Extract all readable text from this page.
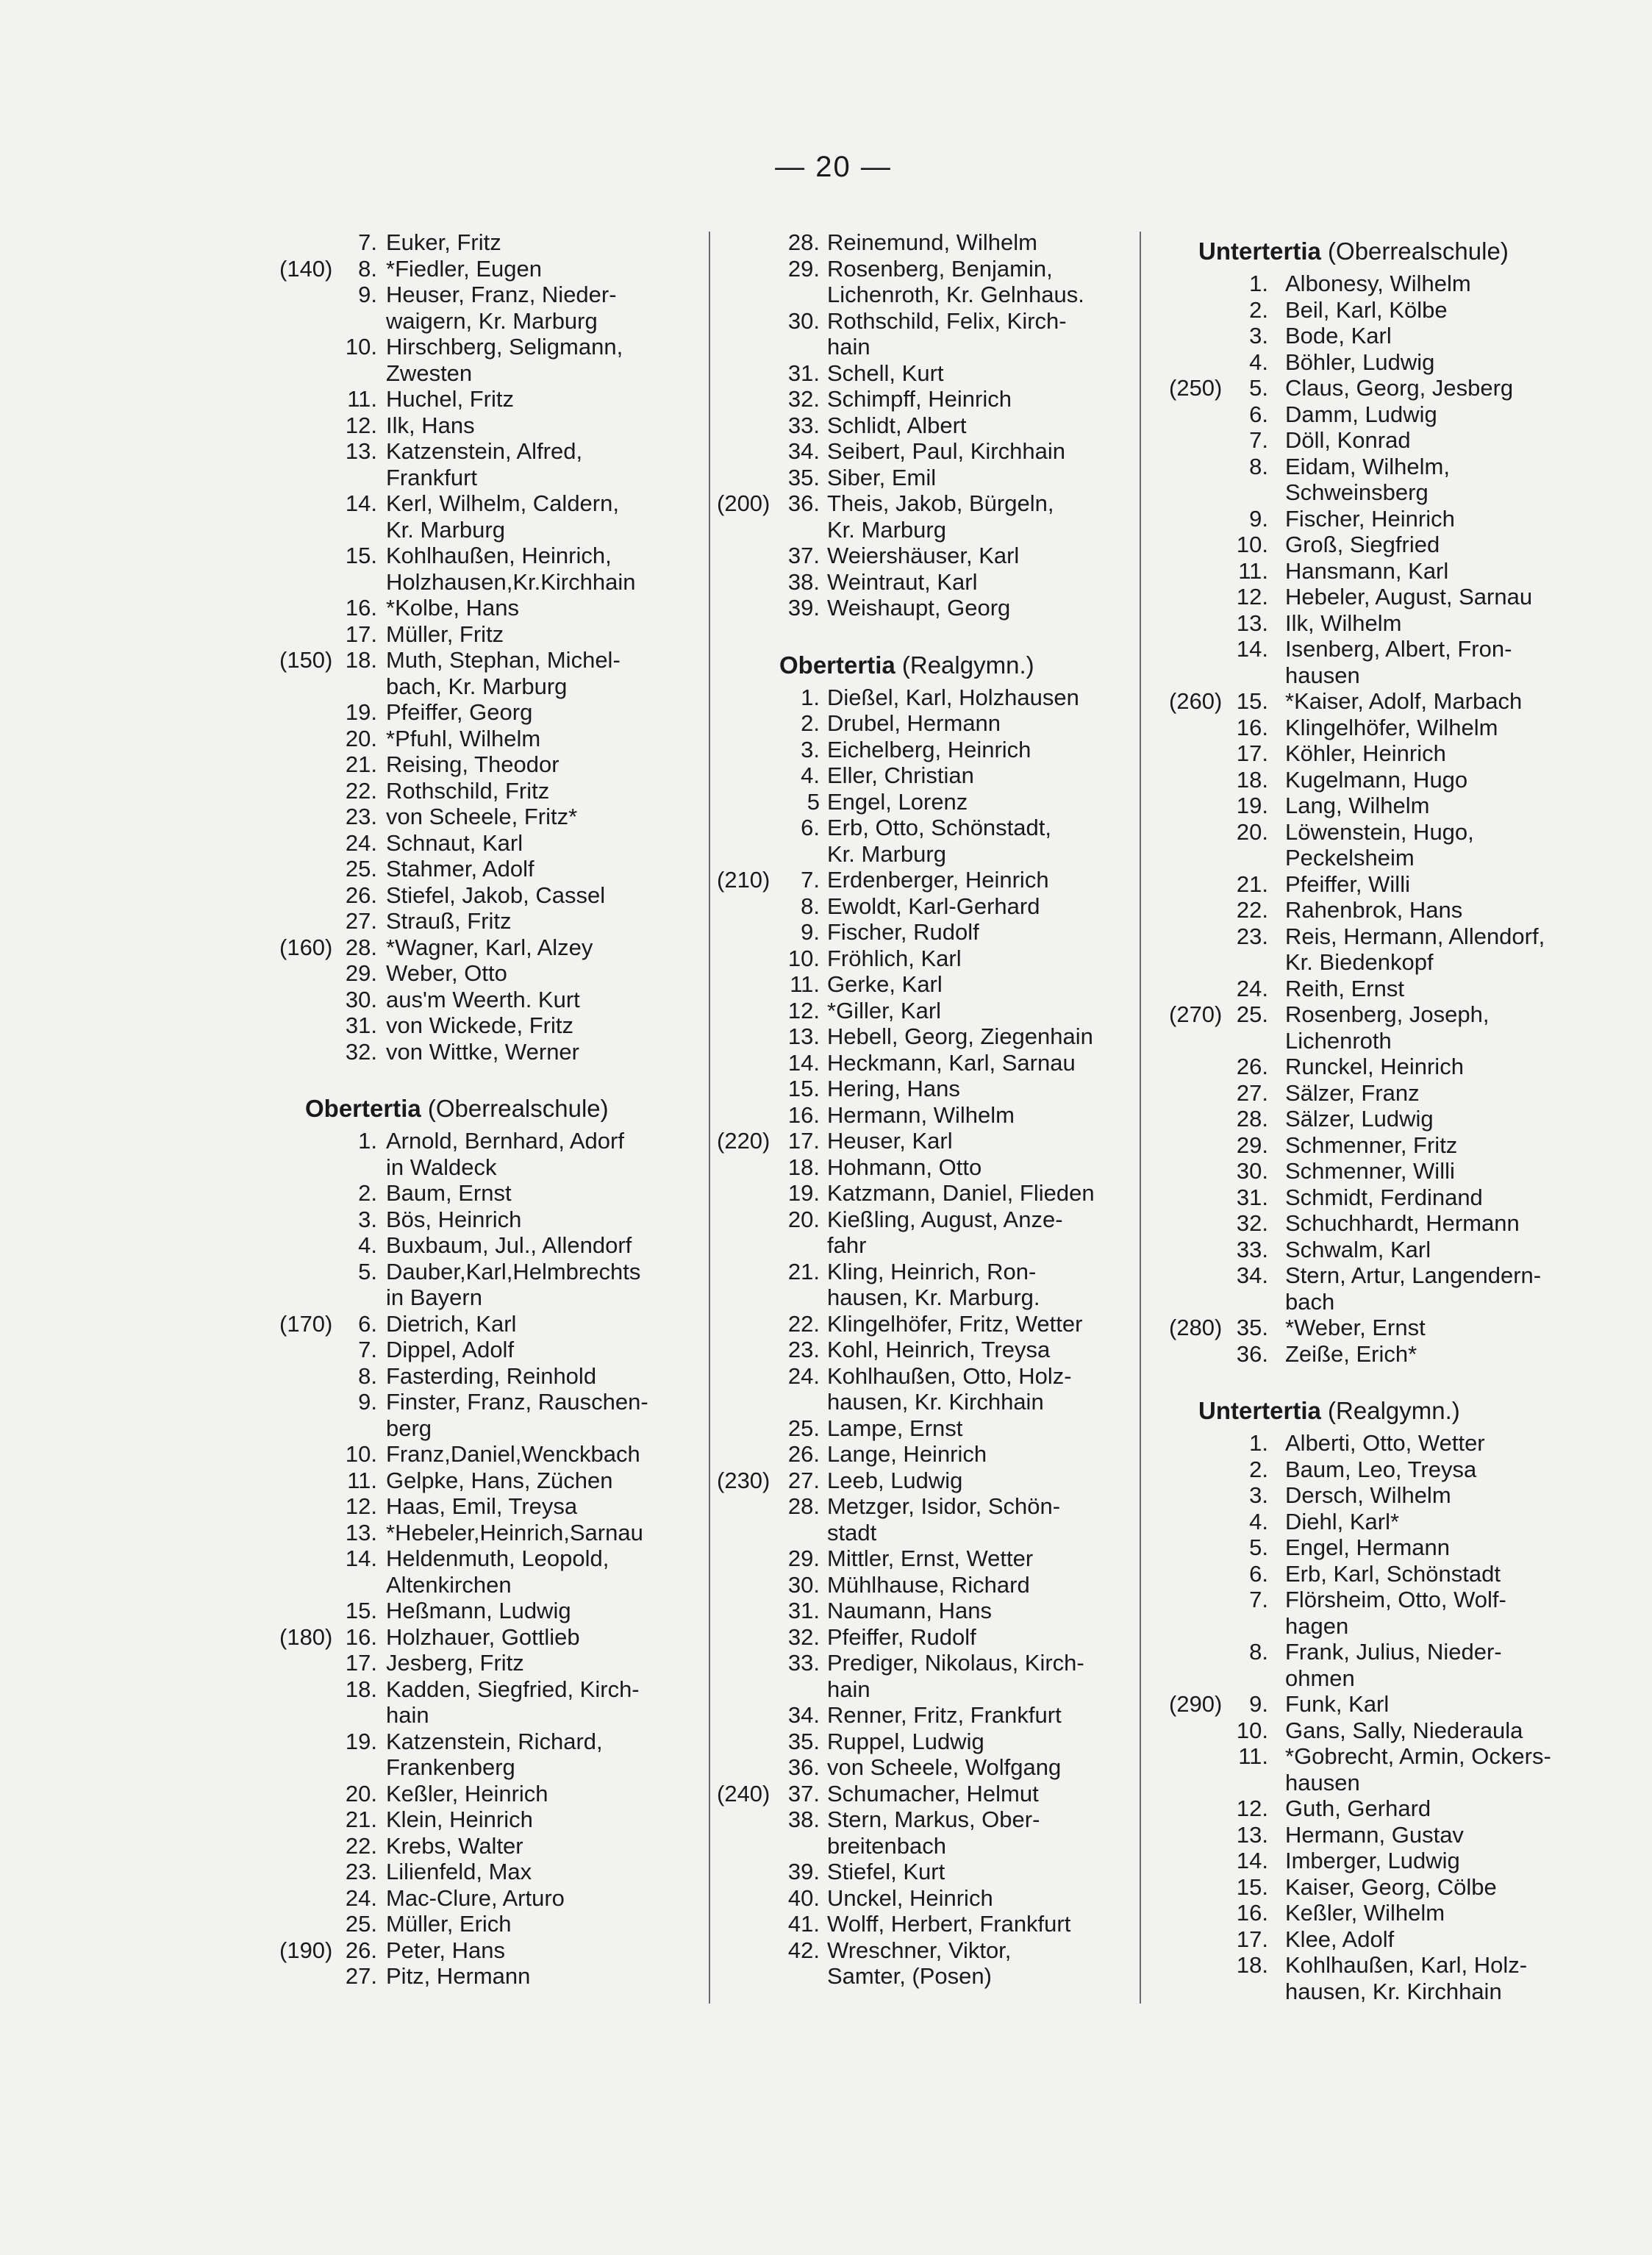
— 20 —
7. Euker, Fritz
(140)	8. *Fiedler, Eugen
9. Heuser, Franz, Nieder-
waigern, Kr. Marburg
10. Hirschberg, Seligmann,
Zwesten
11. Huchel, Fritz
12. Ilk, Hans
13. Katzenstein, Alfred,
Frankfurt
14. Kerl, Wilhelm, Caldern,
Kr. Marburg
15. Kohlhaußen, Heinrich,
Holzhausen,Kr.Kirchhain
16. *Kolbe, Hans
17. Müller, Fritz
(150) 18. Muth, Stephan, Michel-
bach, Kr. Marburg
19. Pfeiffer, Georg
20. *Pfuhl, Wilhelm
21. Reising, Theodor
22. Rothschild, Fritz
23. von Scheele, Fritz*
24. Schnaut, Karl
25. Stahmer, Adolf
26. Stiefel, Jakob, Cassel
27. Strauß, Fritz
(160) 28. *Wagner, Karl, Alzey
29. Weber, Otto
30. aus'm Weerth. Kurt
31. von Wickede, Fritz
32. von Wittke, Werner
Obertertia (Oberrealschule)
1. Arnold, Bernhard, Adorf
in Waldeck
2. Baum, Ernst
3. Bös, Heinrich
4. Buxbaum, Jul., Allendorf
5. Dauber,Karl,Helmbrechts
in Bayern
(170)	6. Dietrich, Karl
7. Dippel, Adolf
8. Fasterding, Reinhold
9. Finster, Franz, Rauschen-
berg
10. Franz,Daniel,Wenckbach
11. Gelpke, Hans, Züchen
12. Haas, Emil, Treysa
13. *Hebeler,Heinrich,Sarnau
14. Heldenmuth, Leopold,
Altenkirchen
15. Heßmann, Ludwig
(180) 16. Holzhauer, Gottlieb
17. Jesberg, Fritz
18. Kadden, Siegfried, Kirch-
hain
19. Katzenstein, Richard,
Frankenberg
20. Keßler, Heinrich
21. Klein, Heinrich
22. Krebs, Walter
23. Lilienfeld, Max
24. Mac-Clure, Arturo
25. Müller, Erich
(190) 26. Peter, Hans
27. Pitz, Hermann
28. Reinemund, Wilhelm
29. Rosenberg, Benjamin,
Lichenroth, Kr. Gelnhaus.
30. Rothschild, Felix, Kirch-
hain
31. Schell, Kurt
32. Schimpff, Heinrich
33. Schlidt, Albert
34. Seibert, Paul, Kirchhain
35. Siber, Emil
(200) 36. Theis, Jakob, Bürgeln,
Kr. Marburg
37. Weiershäuser, Karl
38. Weintraut, Karl
39. Weishaupt, Georg
Obertertia (Realgymn.)
1. Dießel, Karl, Holzhausen
2. Drubel, Hermann
3. Eichelberg, Heinrich
4. Eller, Christian
5 Engel, Lorenz
6. Erb, Otto, Schönstadt,
Kr. Marburg
(210)	7. Erdenberger, Heinrich
8. Ewoldt, Karl-Gerhard
9. Fischer, Rudolf
10. Fröhlich, Karl
11. Gerke, Karl
12. *Giller, Karl
13. Hebell, Georg, Ziegenhain
14. Heckmann, Karl, Sarnau
15. Hering, Hans
16. Hermann, Wilhelm
(220) 17. Heuser, Karl
18. Hohmann, Otto
19. Katzmann, Daniel, Flieden
20. Kießling, August, Anze-
fahr
21. Kling, Heinrich, Ron-
hausen, Kr. Marburg.
22. Klingelhöfer, Fritz, Wetter
23. Kohl, Heinrich, Treysa
24. Kohlhaußen, Otto, Holz-
hausen, Kr. Kirchhain
25. Lampe, Ernst
26. Lange, Heinrich
(230) 27. Leeb, Ludwig
28. Metzger, Isidor, Schön-
stadt
29. Mittler, Ernst, Wetter
30. Mühlhause, Richard
31. Naumann, Hans
32. Pfeiffer, Rudolf
33. Prediger, Nikolaus, Kirch-
hain
34. Renner, Fritz, Frankfurt
35. Ruppel, Ludwig
36. von Scheele, Wolfgang
(240) 37. Schumacher, Helmut
38. Stern, Markus, Ober-
breitenbach
39. Stiefel, Kurt
40. Unckel, Heinrich
41. Wolff, Herbert, Frankfurt
42. Wreschner, Viktor,
Samter, (Posen)
Untertertia (Oberrealschule)
1. Albonesy, Wilhelm
2. Beil, Karl, Kölbe
3. Bode, Karl
4. Böhler, Ludwig
(250)	5. Claus, Georg, Jesberg
6. Damm, Ludwig
7. Döll, Konrad
8. Eidam, Wilhelm,
Schweinsberg
9. Fischer, Heinrich
10. Groß, Siegfried
11. Hansmann, Karl
12. Hebeler, August, Sarnau
13. Ilk, Wilhelm
14. Isenberg, Albert, Fron-
hausen
(260) 15. *Kaiser, Adolf, Marbach
16. Klingelhöfer, Wilhelm
17. Köhler, Heinrich
18. Kugelmann, Hugo
19. Lang, Wilhelm
20. Löwenstein, Hugo,
Peckelsheim
21. Pfeiffer, Willi
22. Rahenbrok, Hans
23. Reis, Hermann, Allendorf,
Kr. Biedenkopf
24. Reith, Ernst
(270) 25. Rosenberg, Joseph,
Lichenroth
26. Runckel, Heinrich
27. Sälzer, Franz
28. Sälzer, Ludwig
29. Schmenner, Fritz
30. Schmenner, Willi
31. Schmidt, Ferdinand
32. Schuchhardt, Hermann
33. Schwalm, Karl
34. Stern, Artur, Langendern-
bach
(280) 35. *Weber, Ernst
36. Zeiße, Erich*
Untertertia (Realgymn.)
1. Alberti, Otto, Wetter
2. Baum, Leo, Treysa
3. Dersch, Wilhelm
4. Diehl, Karl*
5. Engel, Hermann
6. Erb, Karl, Schönstadt
7. Flörsheim, Otto, Wolf-
hagen
8. Frank, Julius, Nieder-
ohmen
(290)	9. Funk, Karl
10. Gans, Sally, Niederaula
11. *Gobrecht, Armin, Ockers-
hausen
12. Guth, Gerhard
13. Hermann, Gustav
14. Imberger, Ludwig
15. Kaiser, Georg, Cölbe
16. Keßler, Wilhelm
17. Klee, Adolf
18. Kohlhaußen, Karl, Holz-
hausen, Kr. Kirchhain
